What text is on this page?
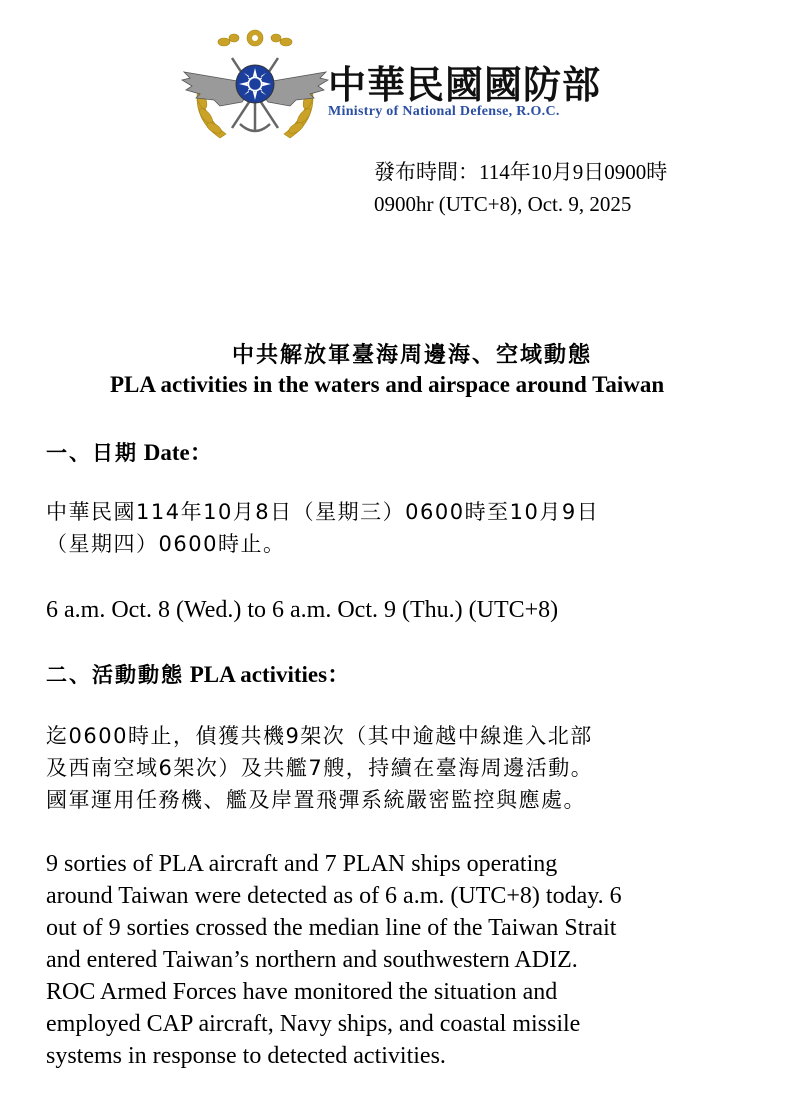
中華民國國防部
Ministry of National Defense, R.O.C.
發布時間：114年10月9日0900時
0900hr (UTC+8), Oct. 9, 2025
中共解放軍臺海周邊海、空域動態
PLA activities in the waters and airspace around Taiwan
一、日期 Date：
中華民國114年10月8日（星期三）0600時至10月9日
（星期四）0600時止。
6 a.m. Oct. 8 (Wed.) to 6 a.m. Oct. 9 (Thu.) (UTC+8)
二、活動動態 PLA activities：
迄0600時止，偵獲共機9架次（其中逾越中線進入北部
及西南空域6架次）及共艦7艘，持續在臺海周邊活動。
國軍運用任務機、艦及岸置飛彈系統嚴密監控與應處。
9 sorties of PLA aircraft and 7 PLAN ships operating
around Taiwan were detected as of 6 a.m. (UTC+8) today. 6
out of 9 sorties crossed the median line of the Taiwan Strait
and entered Taiwan’s northern and southwestern ADIZ.
ROC Armed Forces have monitored the situation and
employed CAP aircraft, Navy ships, and coastal missile
systems in response to detected activities.
